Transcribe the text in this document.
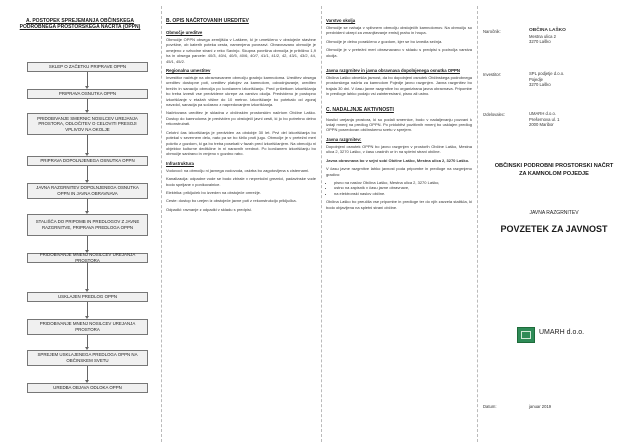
A. POSTOPEK SPREJEMANJA OBČINSKEGA PODROBNEGA PROSTORSKEGA NAČRTA (OPPN)
SKLEP O ZAČETKU PRIPRAVE OPPN
PRIPRAVA OSNUTKA OPPN
PRIDOBIVANJE SMERNIC NOSILCEV UREJANJA PROSTORA, ODLOČITEV O CELOVITI PRESOJI VPLIVOV NA OKOLJE
PRIPRAVA DOPOLNJENEGA OSNUTKA OPPN
JAVNA RAZGRNITEV DOPOLNJENEGA OSNUTKA OPPN IN JAVNA OBRAVNAVA
STALIŠČA DO PRIPOMB IN PREDLOGOV Z JAVNE RAZGRNITVE, PRIPRAVA PREDLOGA OPPN
PRIDOBIVANJE MNENJ NOSILCEV UREJANJA PROSTORA
USKLAJEN PREDLOG OPPN
PRIDOBIVANJE MNENJ NOSILCEV UREJANJA PROSTORA
SPREJEM USKLAJENEGA PREDLOGA OPPN NA OBČINSKEM SVETU
UREDBA OBJAVA ODLOKA OPPN
B. OPIS NAČRTOVANIH UREDITEV
Območje ureditve

Območje OPPN obsega zemljišča v Laškem, ki je umeščeno v obstoječe stavbne površine, ob katerih poteka cesta, namenjena povezavi. Obravnavano območje je omejeno z vzhodne strani z reko Savinjo. Skupna površina območja je približno 1,9 ha in obsega parcele: 40/3, 40/4, 40/5, 40/6, 40/7, 41/1, 41/2, 42, 43/1, 43/2, 44, 45/1, 45/2.

Regionalna umestitev

Investitor načrtuje na obravnavanem območju gradnjo kamnoloma. Ureditev obsega ureditev dostopne poti, ureditev platojev za kamnolom, odvodnjavanje, ureditev brežin in sanacijo območja po končanem izkoriščanju. Pred pričetkom izkoriščanja bo treba izvesti vse predvidene ukrepe za varstvo okolja. Predvideno je postopno izkoriščanje v etažah višine do 10 metrov. Izkoriščanje bo potekalo od zgoraj navzdol, sanacija pa sočasno z napredovanjem izkoriščanja.

Načrtovana ureditev je skladna z občinskim prostorskim načrtom Občine Laško. Dostop do kamnoloma je predviden po obstoječi javni cesti, ki jo bo potrebno delno rekonstruirati.

Celotni čas izkoriščanja je predviden za obdobje 30 let. Prvi del izkoriščanja bo potekal v severnem delu, nato pa se bo širilo proti jugu. Območje je v pretežni meri pokrito z gozdom, ki ga bo treba posekati v fazah pred izkoriščanjem. Na območju ni objektov kulturne dediščine in ni naravnih vrednot. Po končanem izkoriščanju bo območje sanirano in vrnjeno v gozdno rabo.

Infrastruktura

Vodovod: na območju ni javnega vodovoda, oskrba bo zagotovljena s cisternami.

Kanalizacija: odpadne vode se bodo zbirale v nepretočni greznici, padavinske vode bodo speljane v ponikovalnice.

Elektrika: priključek bo izveden na obstoječe omrežje.

Ceste: dostop bo urejen iz obstoječe javne poti z rekonstrukcijo priključka.

Odpadki: ravnanje z odpadki v skladu s predpisi.

Varstvo okolja

Območje se nahaja v vplivnem območju obstoječih kamnolomov. Na območju so predvideni ukrepi za zmanjševanje emisij prahu in hrupa.

Območje je delno poraščeno z gozdom, kjer se bo izvedla sečnja.

Območje je v pretežni meri obravnavano v skladu s predpisi s področja varstva okolja.

Javna razgrnitev in javna obravnava dopolnjenega osnutka OPPN

Občina Laško obvešča javnost, da bo dopolnjeni osnutek Občinskega podrobnega prostorskega načrta za kamnolom Pojedje javno razgrnjen. Javna razgrnitev bo trajala 30 dni. V času javne razgrnitve bo organizirana javna obravnava. Pripombe in predloge lahko podajo vsi zainteresirani, pisno ali ustno.

C. NADALJNJE AKTIVNOSTI

Nosilci urejanja prostora, ki so podali smernice, bodo v nadaljevanju pozvani k izdaji mnenj na predlog OPPN. Po pridobitvi pozitivnih mnenj bo usklajen predlog OPPN posredovan občinskemu svetu v sprejem.

Javna razgrnitev:

Dopolnjeni osnutek OPPN bo javno razgrnjen v prostorih Občine Laško, Mestna ulica 2, 3270 Laško, v času uradnih ur in na spletni strani občine.

Javna obravnava bo v sejni sobi Občine Laško, Mestna ulica 2, 3270 Laško.

V času javne razgrnitve lahko javnost poda pripombe in predloge na razgrnjeno gradivo:

• pisno na naslov Občina Laško, Mestna ulica 2, 3270 Laško,
• ustno na zapisnik v času javne obravnave,
• na elektronski naslov občine.

Občina Laško bo preučila vse pripombe in predloge ter do njih zavzela stališča, ki bodo objavljena na spletni strani občine.

Naročnik:	OBČINA LAŠKO
Mestna ulica 2
3270 Laško
Investitor:	SPL podjetje d.o.o.
Pojedje
3270 Laško
Izdelovalec:	UMARH d.o.o.
Prešernova ul. 1
2000 Maribor
OBČINSKI PODROBNI PROSTORSKI NAČRT
ZA KAMNOLOM POJEDJE
JAVNA RAZGRNITEV
POVZETEK ZA JAVNOST
UMARH d.o.o.
Datum:	januar 2019
